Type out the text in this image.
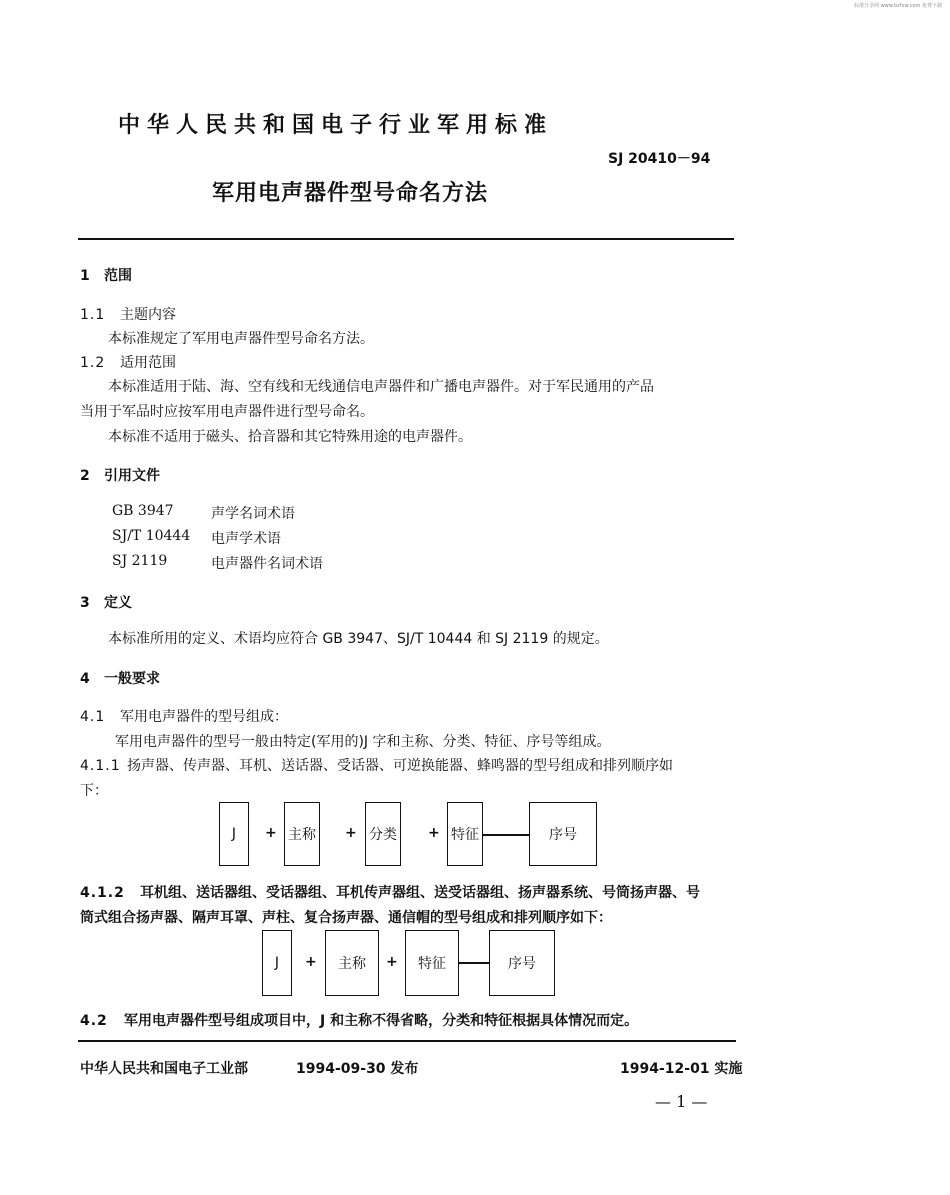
标准分享网 www.bzfxw.com 免费下载
中华人民共和国电子行业军用标准
SJ 20410－94
军用电声器件型号命名方法
1 范围
1.1 主题内容
本标准规定了军用电声器件型号命名方法。
1.2 适用范围
本标准适用于陆、海、空有线和无线通信电声器件和广播电声器件。对于军民通用的产品
当用于军品时应按军用电声器件进行型号命名。
本标准不适用于磁头、拾音器和其它特殊用途的电声器件。
2 引用文件
GB 3947	声学名词术语
SJ/T 10444 电声学术语
SJ 2119	电声器件名词术语
3 定义
本标准所用的定义、术语均应符合 GB 3947、SJ/T 10444 和 SJ 2119 的规定。
4 一般要求
4.1 军用电声器件的型号组成：
军用电声器件的型号一般由特定(军用的)J 字和主称、分类、特征、序号等组成。
4.1.1 扬声器、传声器、耳机、送话器、受话器、可逆换能器、蜂鸣器的型号组成和排列顺序如
下：
J	+ 主称 + 分类 + 特征	序号
4.1.2 耳机组、送话器组、受话器组、耳机传声器组、送受话器组、扬声器系统、号筒扬声器、号
筒式组合扬声器、隔声耳罩、声柱、复合扬声器、通信帽的型号组成和排列顺序如下：
J	+	主称	+	特征	序号
4.2 军用电声器件型号组成项目中，J 和主称不得省略，分类和特征根据具体情况而定。
中华人民共和国电子工业部	1994-09-30 发布	1994-12-01 实施
— 1 —
